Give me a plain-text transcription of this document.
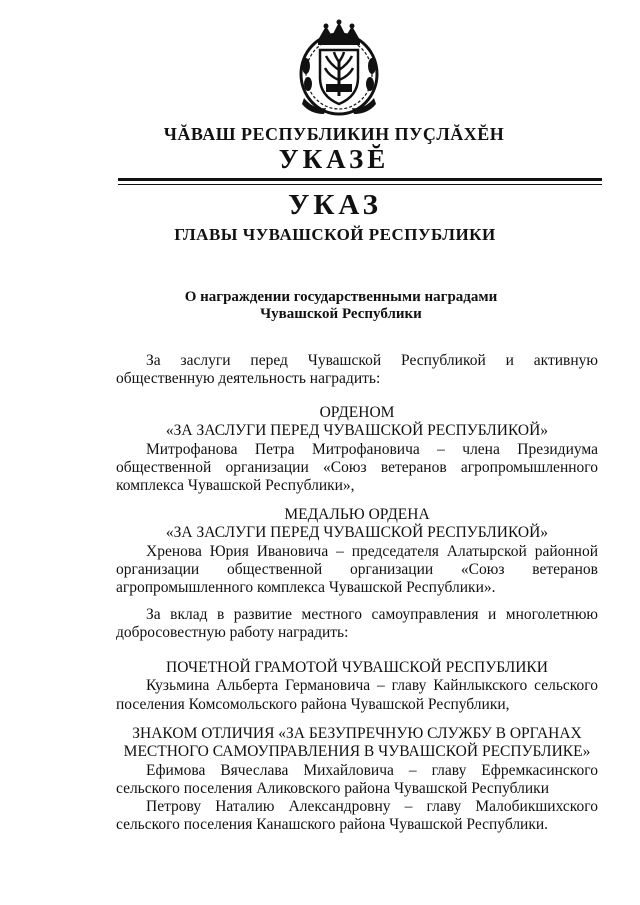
ЧĂВАШ РЕСПУБЛИКИН ПУҪЛĂХĔН
УКАЗĔ
УКАЗ
ГЛАВЫ ЧУВАШСКОЙ РЕСПУБЛИКИ
О награждении государственными наградами
Чувашской Республики

За заслуги перед Чувашской Республикой и активную общественную деятельность наградить:

ОРДЕНОМ

«ЗА ЗАСЛУГИ ПЕРЕД ЧУВАШСКОЙ РЕСПУБЛИКОЙ»

Митрофанова Петра Митрофановича – члена Президиума общественной организации «Союз ветеранов агропромышленного комплекса Чувашской Республики»,

МЕДАЛЬЮ ОРДЕНА

«ЗА ЗАСЛУГИ ПЕРЕД ЧУВАШСКОЙ РЕСПУБЛИКОЙ»

Хренова Юрия Ивановича – председателя Алатырской районной организации общественной организации «Союз ветеранов агропромышленного комплекса Чувашской Республики».

За вклад в развитие местного самоуправления и многолетнюю добросовестную работу наградить:

ПОЧЕТНОЙ ГРАМОТОЙ ЧУВАШСКОЙ РЕСПУБЛИКИ

Кузьмина Альберта Германовича – главу Кайнлыкского сельского поселения Комсомольского района Чувашской Республики,

ЗНАКОМ ОТЛИЧИЯ «ЗА БЕЗУПРЕЧНУЮ СЛУЖБУ В ОРГАНАХ

МЕСТНОГО САМОУПРАВЛЕНИЯ В ЧУВАШСКОЙ РЕСПУБЛИКЕ»

Ефимова Вячеслава Михайловича – главу Ефремкасинского сельского поселения Аликовского района Чувашской Республики

Петрову Наталию Александровну – главу Малобикшихского сельского поселения Канашского района Чувашской Республики.
